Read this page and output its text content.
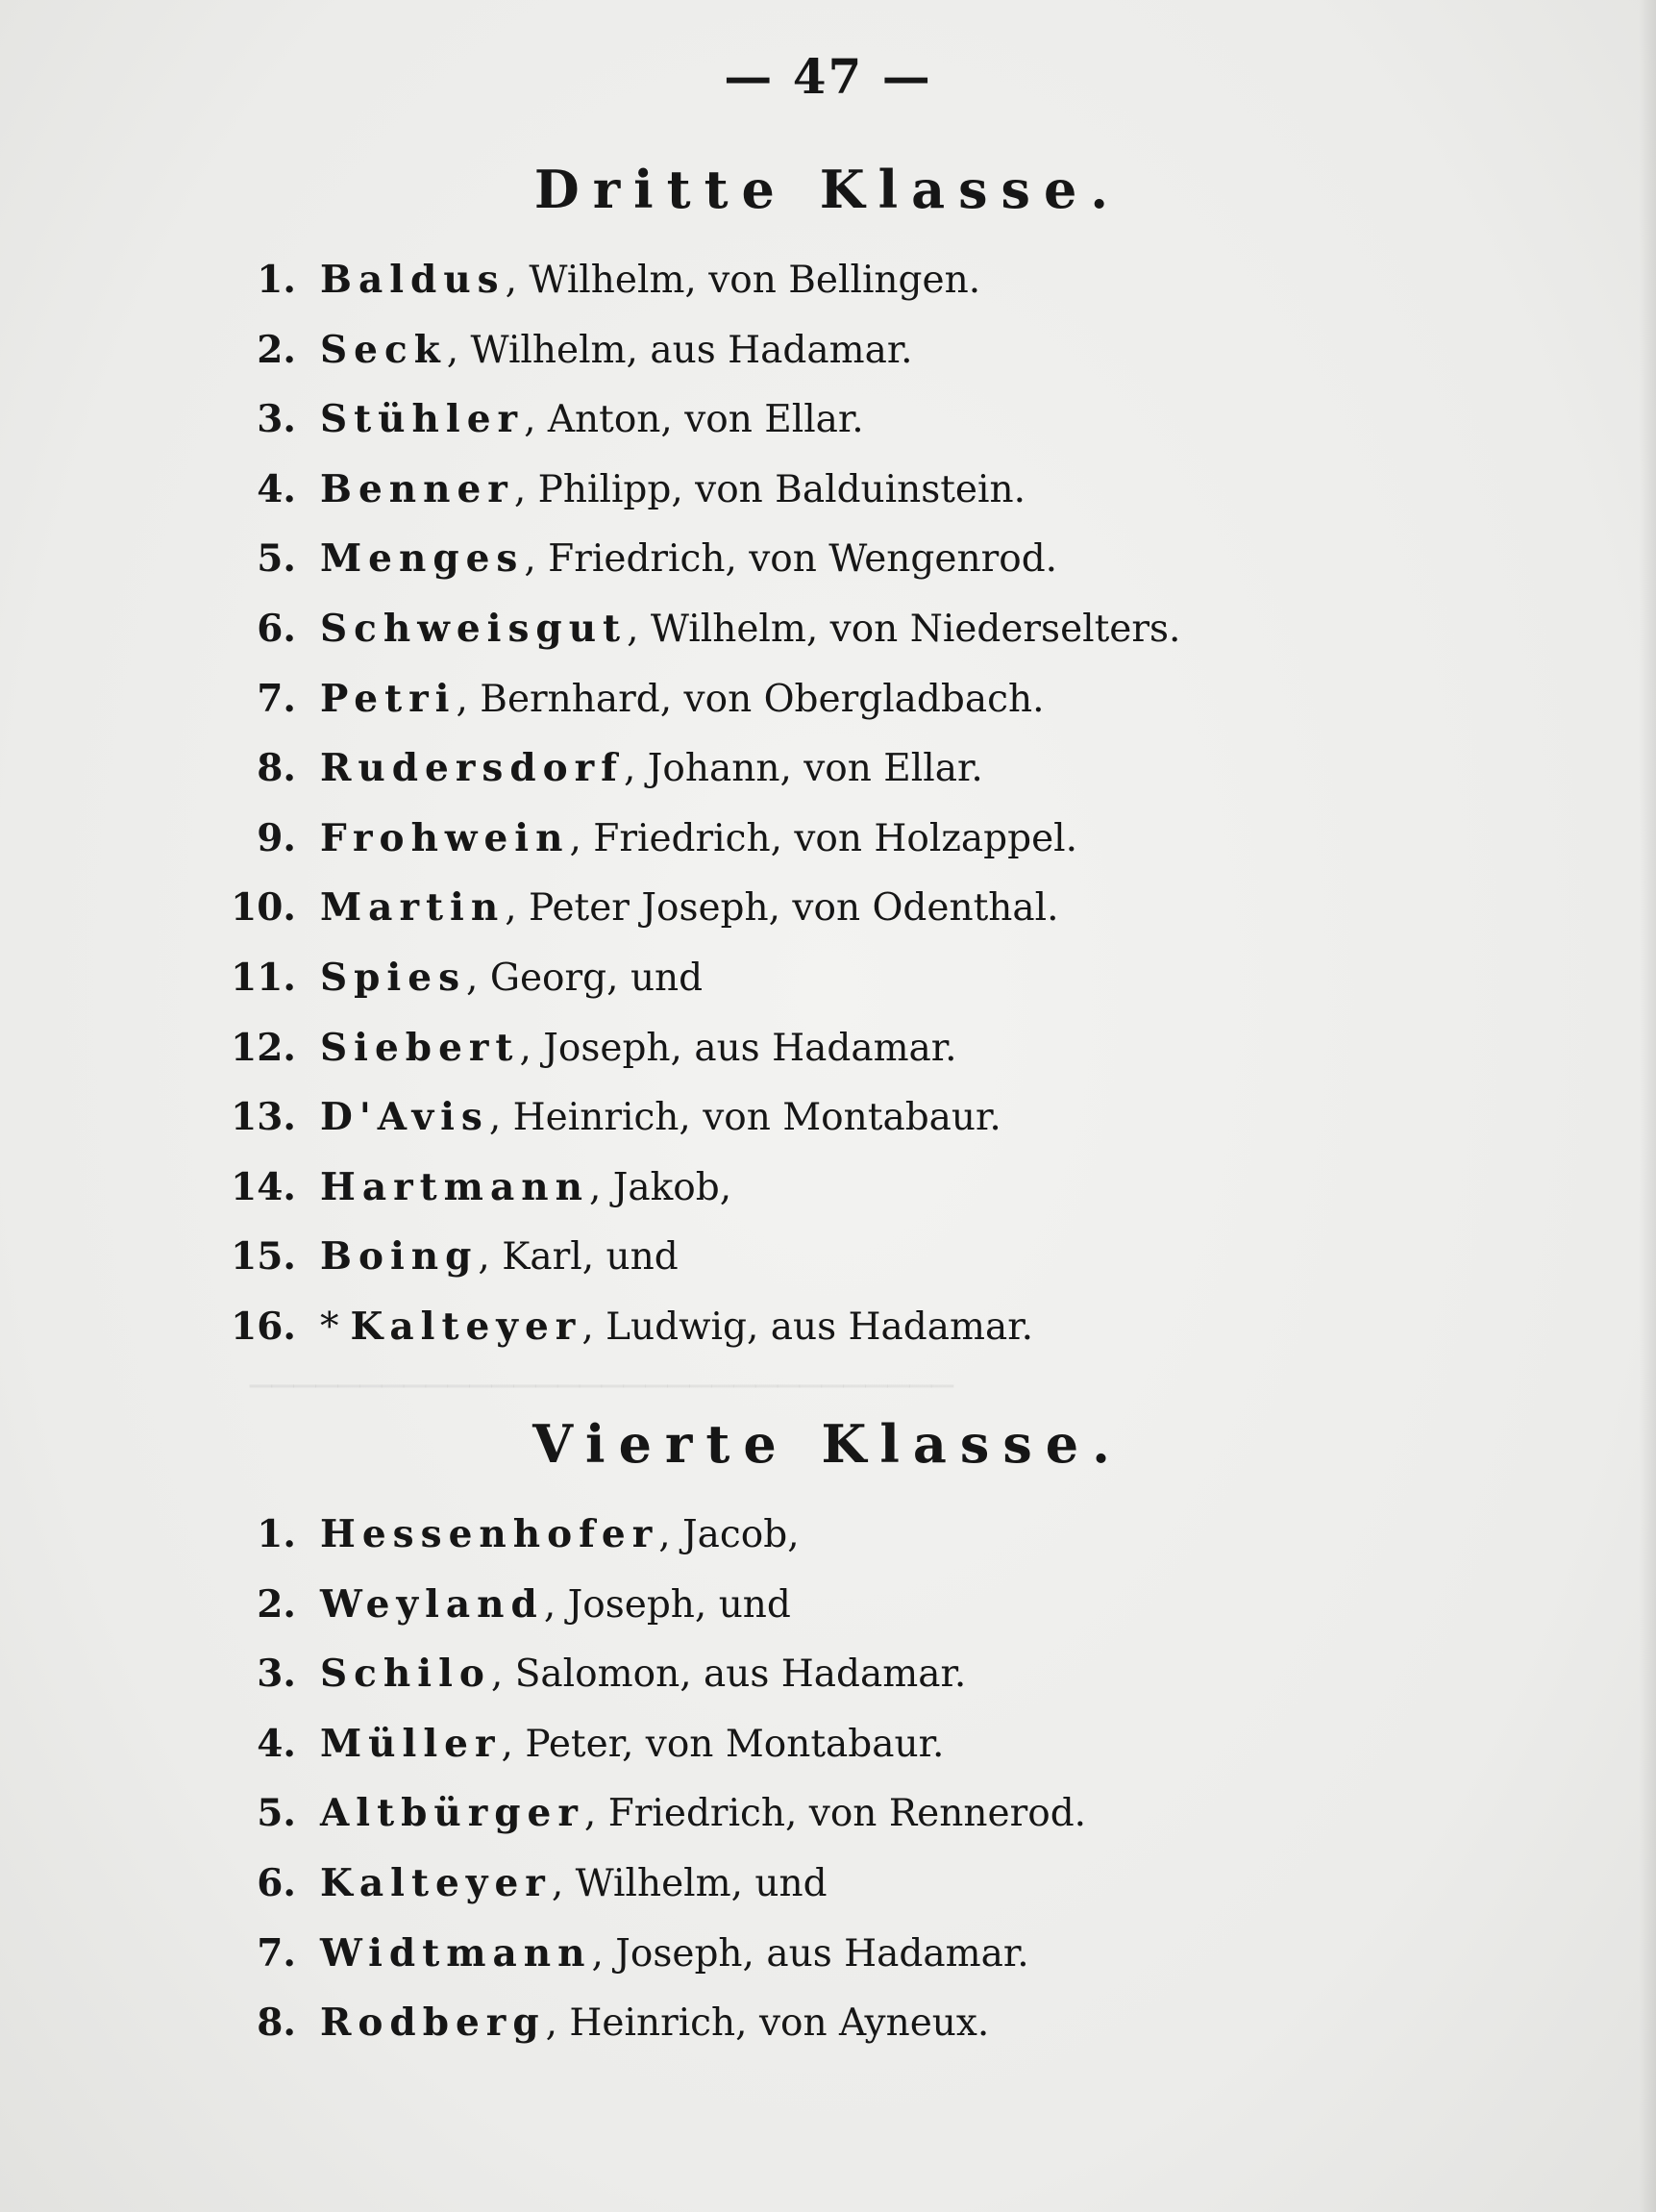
────────────────────────────────
— 47 —
Dritte Klasse.
1. Baldus, Wilhelm, von Bellingen.
2. Seck, Wilhelm, aus Hadamar.
3. Stühler, Anton, von Ellar.
4. Benner, Philipp, von Balduinstein.
5. Menges, Friedrich, von Wengenrod.
6. Schweisgut, Wilhelm, von Niederselters.
7. Petri, Bernhard, von Obergladbach.
8. Rudersdorf, Johann, von Ellar.
9. Frohwein, Friedrich, von Holzappel.
10. Martin, Peter Joseph, von Odenthal.
11. Spies, Georg, und
12. Siebert, Joseph, aus Hadamar.
13. D'Avis, Heinrich, von Montabaur.
14. Hartmann, Jakob,
15. Boing, Karl, und
16. * Kalteyer, Ludwig, aus Hadamar.
Vierte Klasse.
1. Hessenhofer, Jacob,
2. Weyland, Joseph, und
3. Schilo, Salomon, aus Hadamar.
4. Müller, Peter, von Montabaur.
5. Altbürger, Friedrich, von Rennerod.
6. Kalteyer, Wilhelm, und
7. Widtmann, Joseph, aus Hadamar.
8. Rodberg, Heinrich, von Ayneux.
